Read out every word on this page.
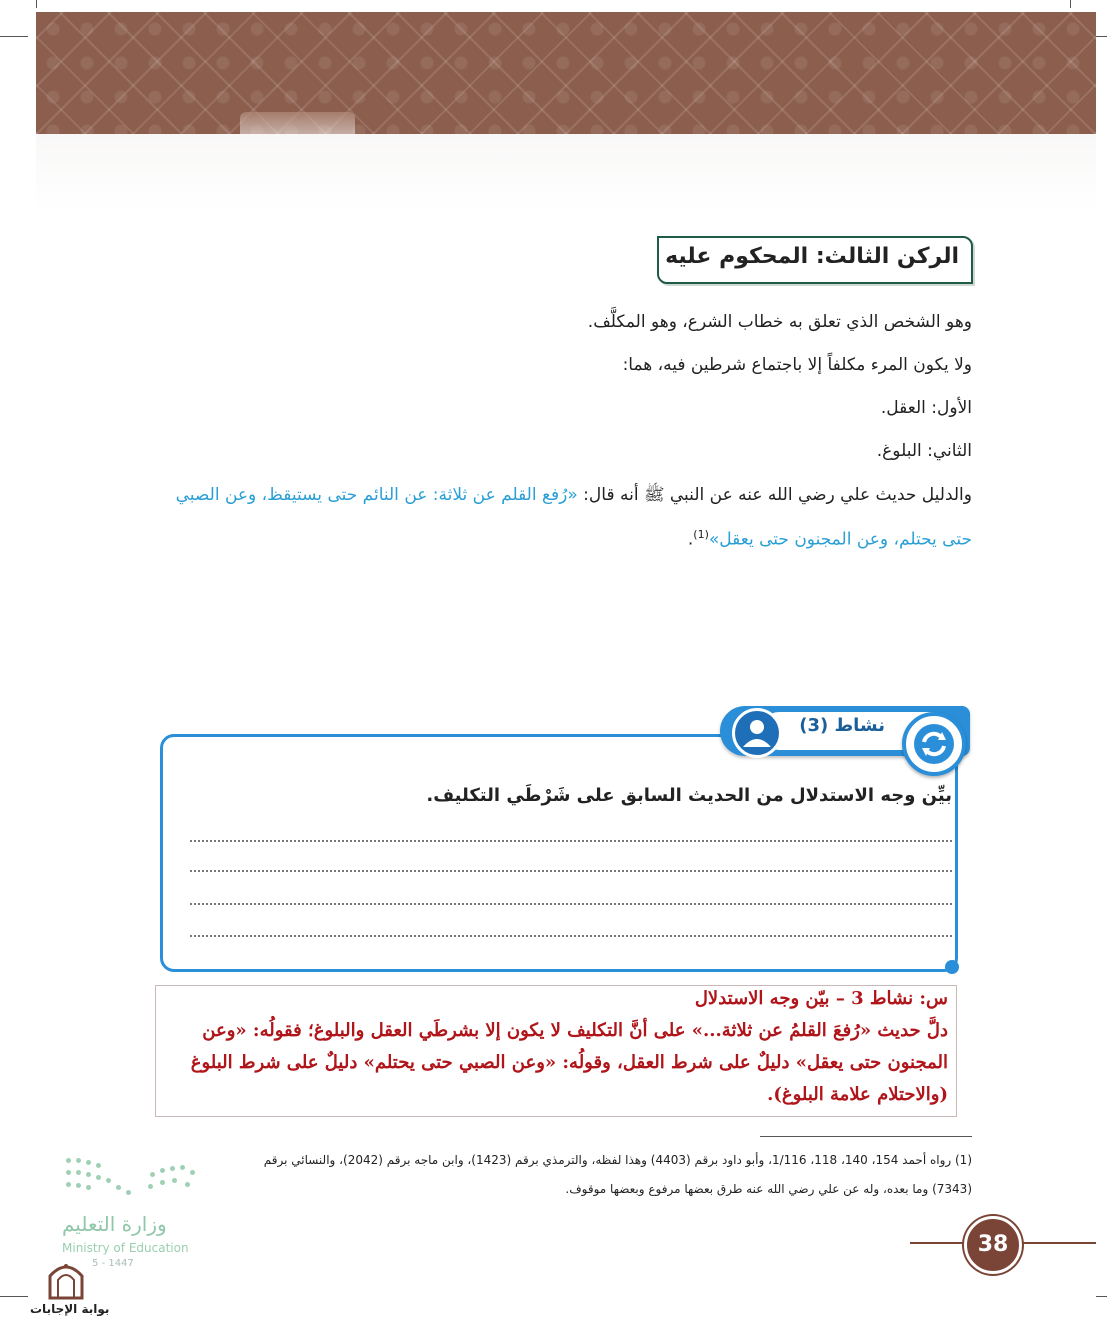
الركن الثالث: المحكوم عليه
وهو الشخص الذي تعلق به خطاب الشرع، وهو المكلَّف.
ولا يكون المرء مكلفاً إلا باجتماع شرطين فيه، هما:
الأول: العقل.
الثاني: البلوغ.
والدليل حديث علي رضي الله عنه عن النبي ﷺ أنه قال: «رُفع القلم عن ثلاثة: عن النائم حتى يستيقظ، وعن الصبي
حتى يحتلم، وعن المجنون حتى يعقل»$^{(1)}$.
نشاط (3)
بيِّن وجه الاستدلال من الحديث السابق على شَرْطَي التكليف.
س: نشاط 3 – بيّن وجه الاستدلال
دلَّ حديث «رُفعَ القلمُ عن ثلاثة...» على أنَّ التكليف لا يكون إلا بشرطَي العقل والبلوغ؛ فقولُه: «وعن
المجنون حتى يعقل» دليلٌ على شرط العقل، وقولُه: «وعن الصبي حتى يحتلم» دليلٌ على شرط البلوغ
(والاحتلام علامة البلوغ).
(1) رواه أحمد 154، 140، 118، 1/116، وأبو داود برقم (4403) وهذا لفظه، والترمذي برقم (1423)، وابن ماجه برقم (2042)، والنسائي برقم
(7343) وما بعده، وله عن علي رضي الله عنه طرق بعضها مرفوع وبعضها موقوف.
وزارة التعليم
Ministry of Education
5 - 1447
38
بوابة الإجابات
